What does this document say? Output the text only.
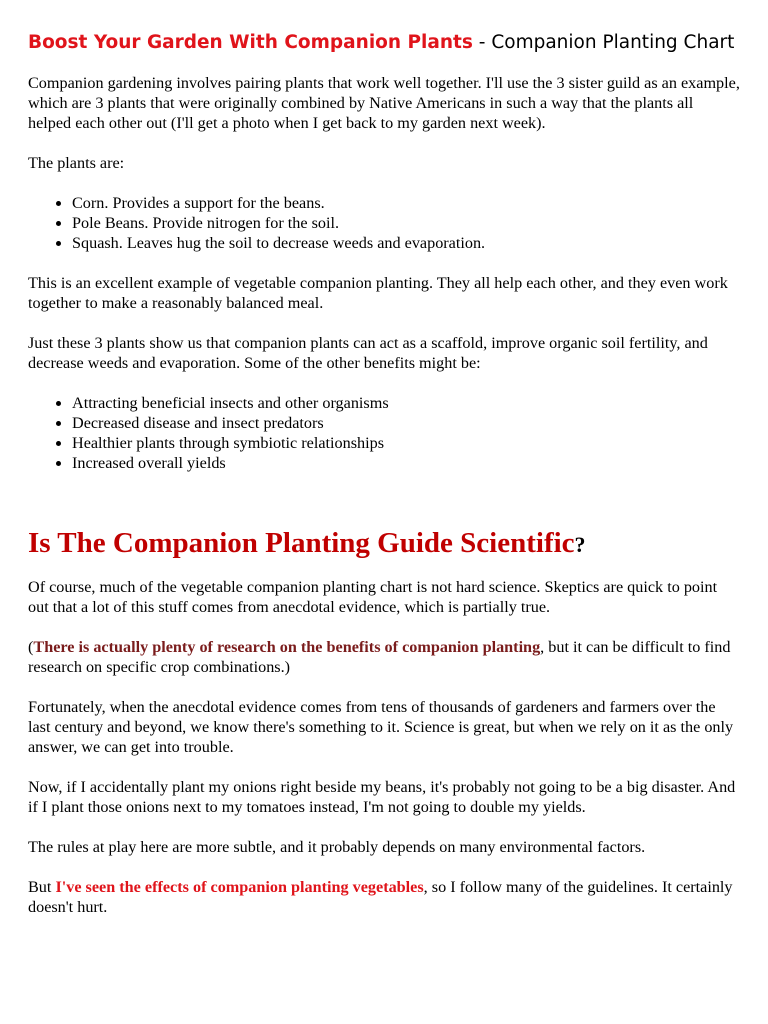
Boost Your Garden With Companion Plants - Companion Planting Chart

Companion gardening involves pairing plants that work well together. I'll use the 3 sister guild as an example, which are 3 plants that were originally combined by Native Americans in such a way that the plants all helped each other out (I'll get a photo when I get back to my garden next week).

The plants are:

• Corn. Provides a support for the beans.
• Pole Beans. Provide nitrogen for the soil.
• Squash. Leaves hug the soil to decrease weeds and evaporation.

This is an excellent example of vegetable companion planting. They all help each other, and they even work together to make a reasonably balanced meal.

Just these 3 plants show us that companion plants can act as a scaffold, improve organic soil fertility, and decrease weeds and evaporation. Some of the other benefits might be:

• Attracting beneficial insects and other organisms
• Decreased disease and insect predators
• Healthier plants through symbiotic relationships
• Increased overall yields
Is The Companion Planting Guide Scientific?

Of course, much of the vegetable companion planting chart is not hard science. Skeptics are quick to point out that a lot of this stuff comes from anecdotal evidence, which is partially true.

(There is actually plenty of research on the benefits of companion planting, but it can be difficult to find research on specific crop combinations.)

Fortunately, when the anecdotal evidence comes from tens of thousands of gardeners and farmers over the last century and beyond, we know there's something to it. Science is great, but when we rely on it as the only answer, we can get into trouble.

Now, if I accidentally plant my onions right beside my beans, it's probably not going to be a big disaster. And if I plant those onions next to my tomatoes instead, I'm not going to double my yields.

The rules at play here are more subtle, and it probably depends on many environmental factors.

But I've seen the effects of companion planting vegetables, so I follow many of the guidelines. It certainly doesn't hurt.
